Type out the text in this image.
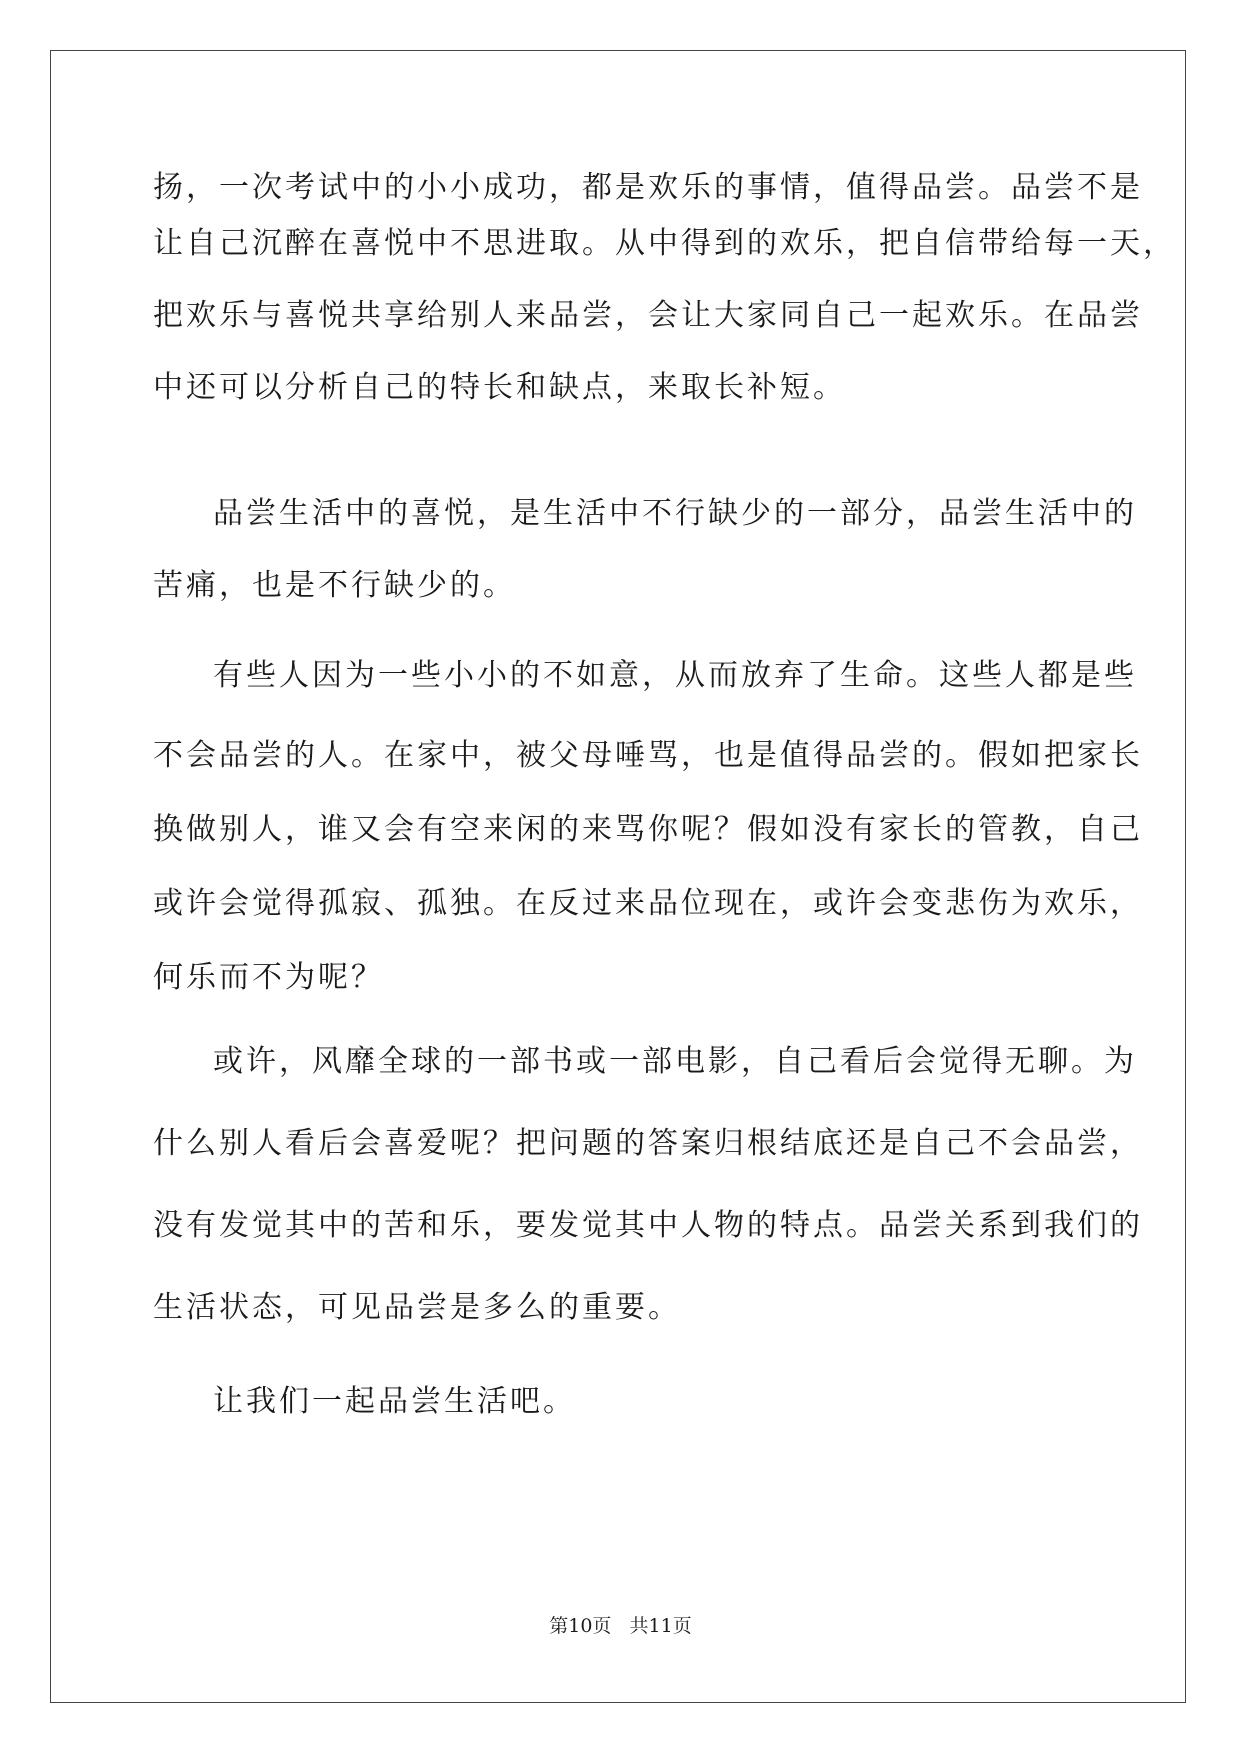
扬，一次考试中的小小成功，都是欢乐的事情，值得品尝。品尝不是
让自己沉醉在喜悦中不思进取。从中得到的欢乐，把自信带给每一天，
把欢乐与喜悦共享给别人来品尝，会让大家同自己一起欢乐。在品尝
中还可以分析自己的特长和缺点，来取长补短。
品尝生活中的喜悦，是生活中不行缺少的一部分，品尝生活中的
苦痛，也是不行缺少的。
有些人因为一些小小的不如意，从而放弃了生命。这些人都是些
不会品尝的人。在家中，被父母唾骂，也是值得品尝的。假如把家长
换做别人，谁又会有空来闲的来骂你呢？假如没有家长的管教，自己
或许会觉得孤寂、孤独。在反过来品位现在，或许会变悲伤为欢乐，
何乐而不为呢？
或许，风靡全球的一部书或一部电影，自己看后会觉得无聊。为
什么别人看后会喜爱呢？把问题的答案归根结底还是自己不会品尝，
没有发觉其中的苦和乐，要发觉其中人物的特点。品尝关系到我们的
生活状态，可见品尝是多么的重要。
让我们一起品尝生活吧。
第10页   共11页
